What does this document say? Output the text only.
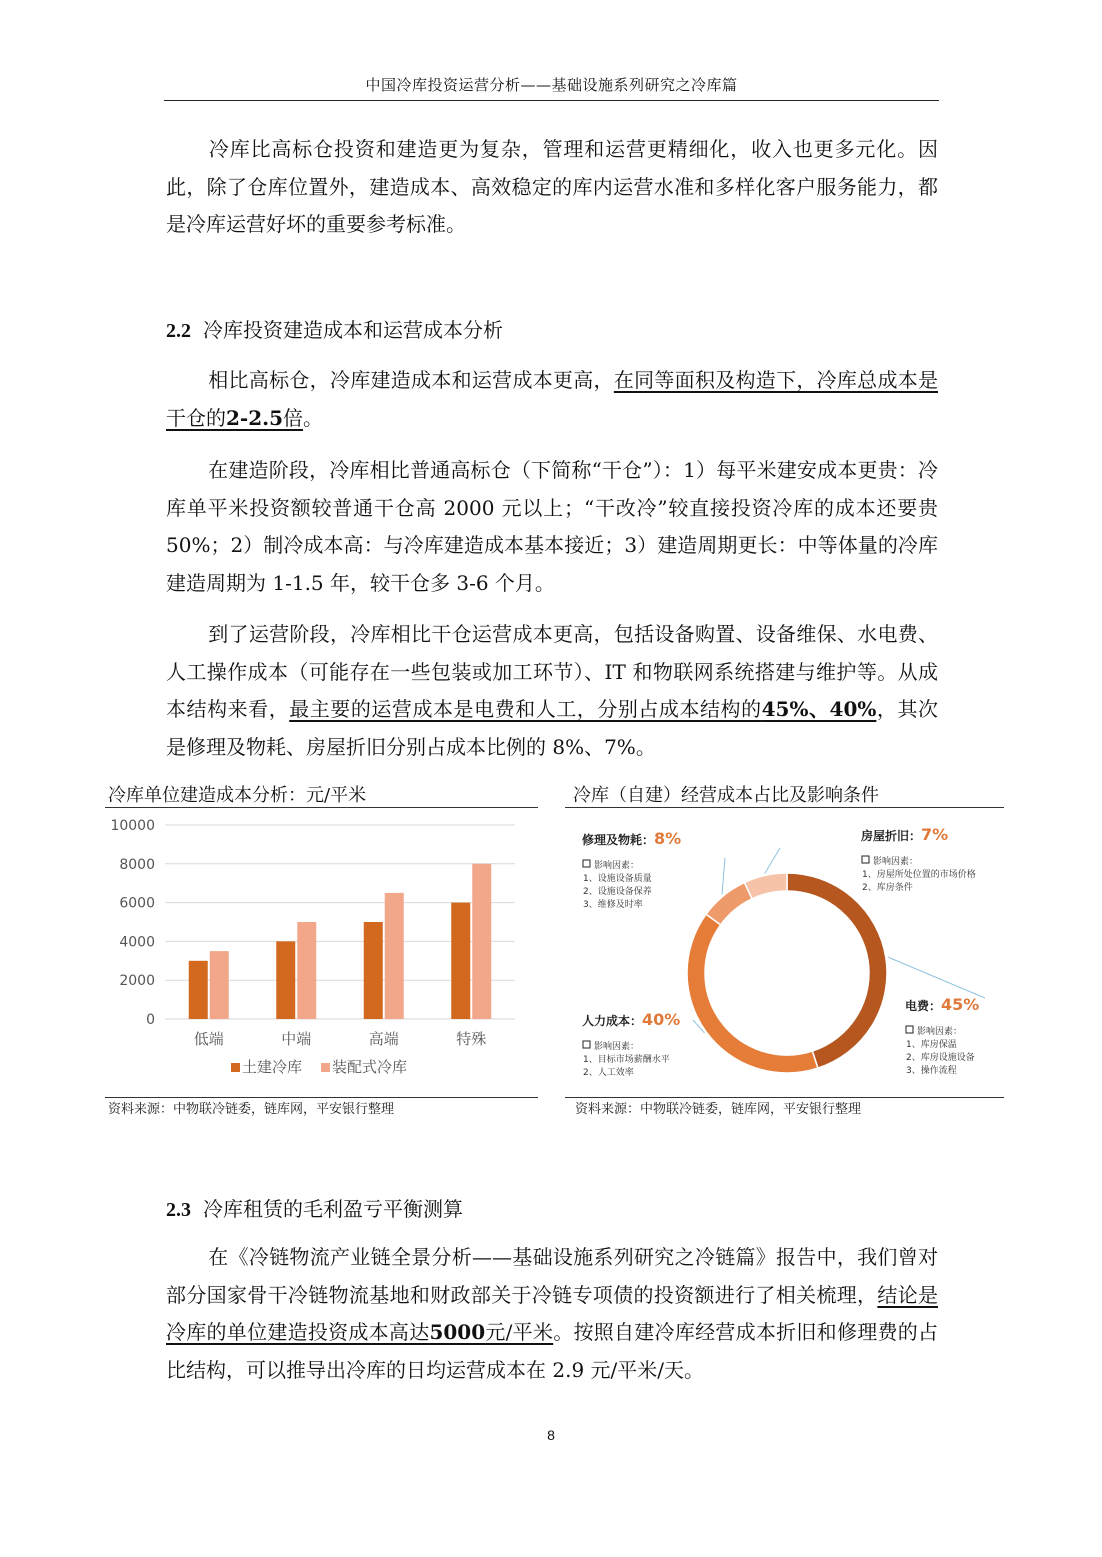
中国冷库投资运营分析——基础设施系列研究之冷库篇

冷库比高标仓投资和建造更为复杂，管理和运营更精细化，收入也更多元化。因此，除了仓库位置外，建造成本、高效稳定的库内运营水准和多样化客户服务能力，都是冷库运营好坏的重要参考标准。

2.2 冷库投资建造成本和运营成本分析

相比高标仓，冷库建造成本和运营成本更高，在同等面积及构造下，冷库总成本是干仓的2-2.5倍。

在建造阶段，冷库相比普通高标仓（下简称“干仓”）：1）每平米建安成本更贵：冷库单平米投资额较普通干仓高 2000 元以上；“干改冷”较直接投资冷库的成本还要贵 50%；2）制冷成本高：与冷库建造成本基本接近；3）建造周期更长：中等体量的冷库建造周期为 1-1.5 年，较干仓多 3-6 个月。

到了运营阶段，冷库相比干仓运营成本更高，包括设备购置、设备维保、水电费、人工操作成本（可能存在一些包装或加工环节）、IT 和物联网系统搭建与维护等。从成本结构来看，最主要的运营成本是电费和人工，分别占成本结构的45%、40%，其次是修理及物耗、房屋折旧分别占成本比例的 8%、7%。

冷库单位建造成本分析：元/平米
0
2000
4000
6000
8000
10000
低端	中端	高端	特殊
土建冷库 装配式冷库
资料来源：中物联冷链委，链库网，平安银行整理
冷库（自建）经营成本占比及影响条件
电费：45%
影响因素：
1、库房保温
2、库房设施设备
3、操作流程
人力成本：40%
影响因素：
1、目标市场薪酬水平
2、人工效率
修理及物耗：8%
影响因素：
1、设施设备质量
2、设施设备保养
3、维修及时率
房屋折旧：7%
影响因素：
1、房屋所处位置的市场价格
2、库房条件
资料来源：中物联冷链委，链库网，平安银行整理
2.3 冷库租赁的毛利盈亏平衡测算

在《冷链物流产业链全景分析——基础设施系列研究之冷链篇》报告中，我们曾对部分国家骨干冷链物流基地和财政部关于冷链专项债的投资额进行了相关梳理，结论是冷库的单位建造投资成本高达5000元/平米。按照自建冷库经营成本折旧和修理费的占比结构，可以推导出冷库的日均运营成本在 2.9 元/平米/天。

8
